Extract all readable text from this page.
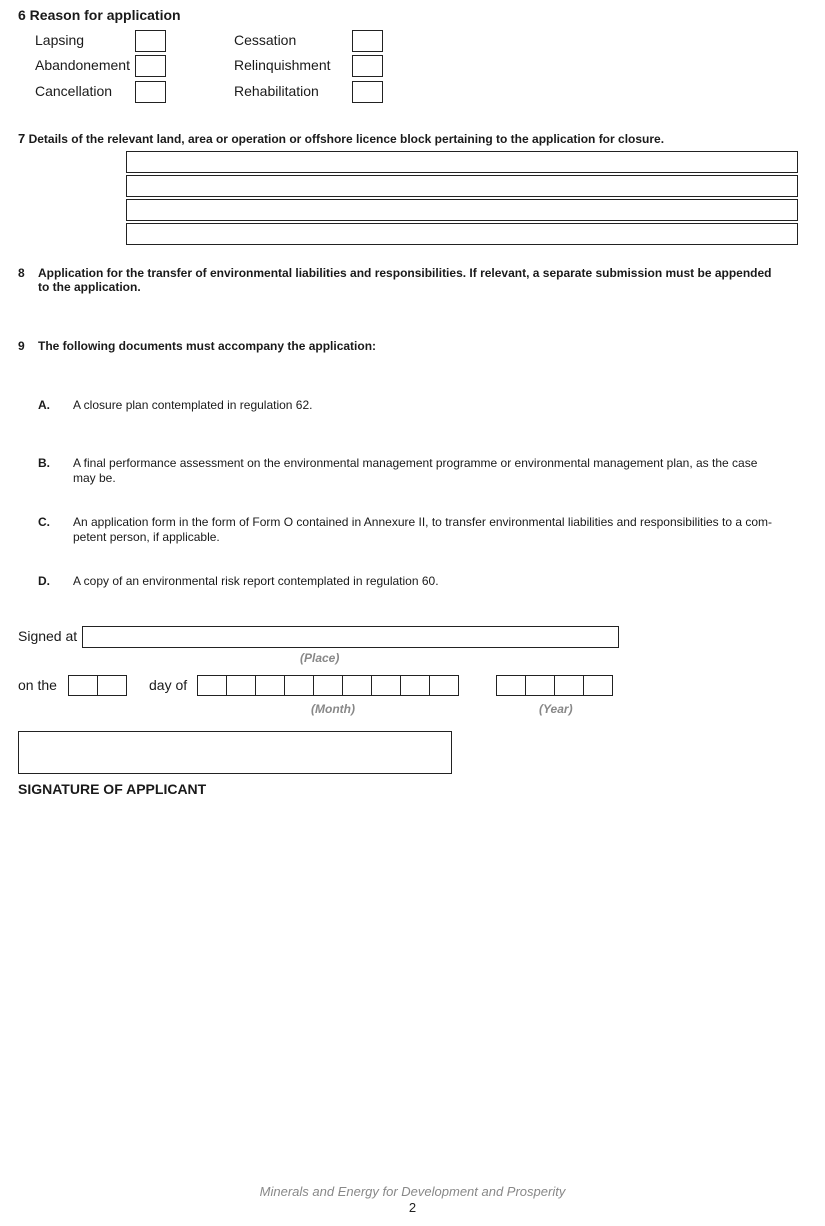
6 Reason for application
Lapsing
Abandonement
Cancellation
Cessation
Relinquishment
Rehabilitation
7 Details of the relevant land, area or operation or offshore licence block pertaining to the application for closure.
8 Application for the transfer of environmental liabilities and responsibilities. If relevant, a separate submission must be appended
to the application.
9 The following documents must accompany the application:
A. A closure plan contemplated in regulation 62.
B. A final performance assessment on the environmental management programme or environmental management plan, as the case
may be.
C. An application form in the form of Form O contained in Annexure II, to transfer environmental liabilities and responsibilities to a com-
petent person, if applicable.
D. A copy of an environmental risk report contemplated in regulation 60.
Signed at
(Place)
on the	day of
(Month)	(Year)
SIGNATURE OF APPLICANT
Minerals and Energy for Development and Prosperity
2
